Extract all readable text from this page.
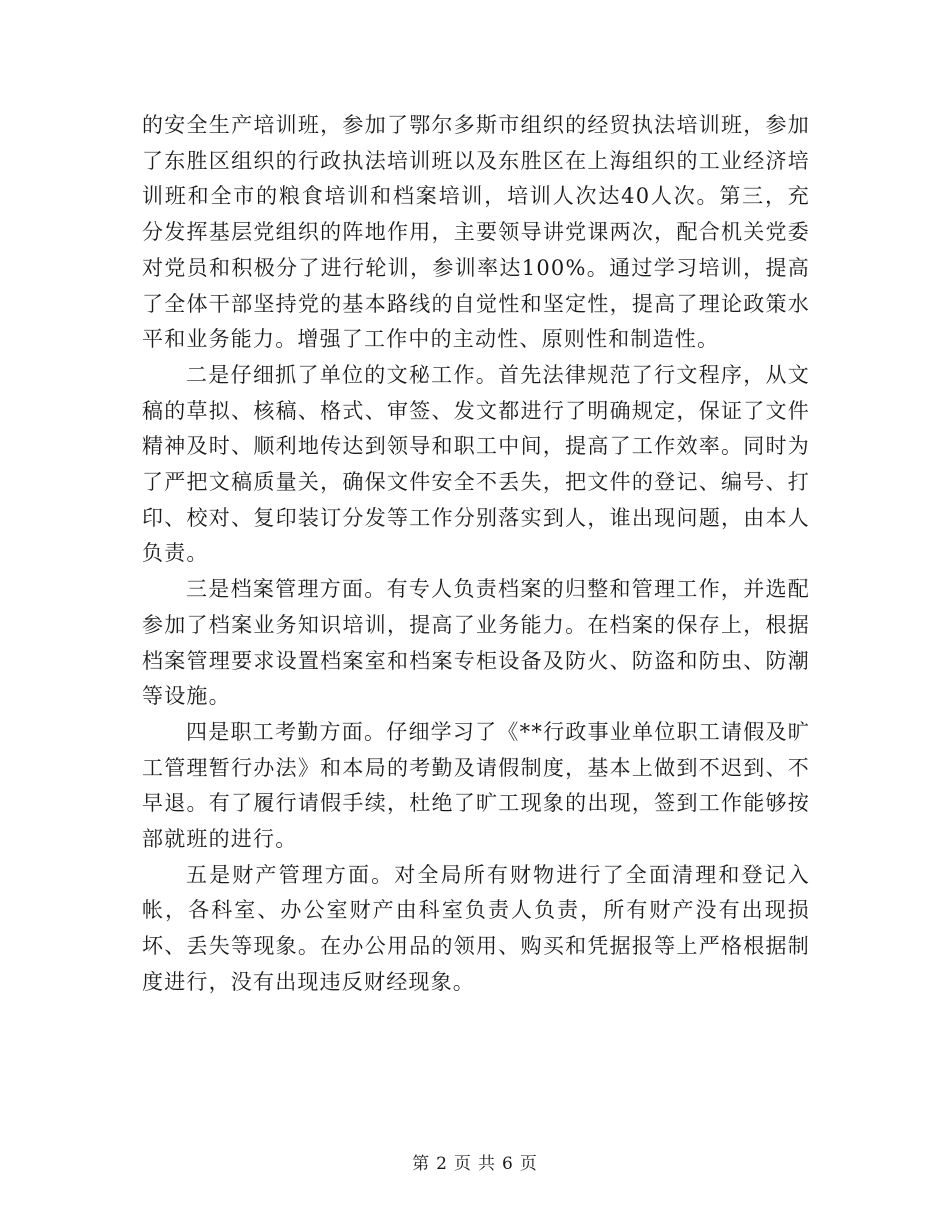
的安全生产培训班，参加了鄂尔多斯市组织的经贸执法培训班，参加了东胜区组织的行政执法培训班以及东胜区在上海组织的工业经济培训班和全市的粮食培训和档案培训，培训人次达40人次。第三，充分发挥基层党组织的阵地作用，主要领导讲党课两次，配合机关党委对党员和积极分了进行轮训，参训率达100%。通过学习培训，提高了全体干部坚持党的基本路线的自觉性和坚定性，提高了理论政策水平和业务能力。增强了工作中的主动性、原则性和制造性。

二是仔细抓了单位的文秘工作。首先法律规范了行文程序，从文稿的草拟、核稿、格式、审签、发文都进行了明确规定，保证了文件精神及时、顺利地传达到领导和职工中间，提高了工作效率。同时为了严把文稿质量关，确保文件安全不丢失，把文件的登记、编号、打印、校对、复印装订分发等工作分别落实到人，谁出现问题，由本人负责。

三是档案管理方面。有专人负责档案的归整和管理工作，并选配参加了档案业务知识培训，提高了业务能力。在档案的保存上，根据档案管理要求设置档案室和档案专柜设备及防火、防盗和防虫、防潮等设施。

四是职工考勤方面。仔细学习了《**行政事业单位职工请假及旷工管理暂行办法》和本局的考勤及请假制度，基本上做到不迟到、不早退。有了履行请假手续，杜绝了旷工现象的出现，签到工作能够按部就班的进行。

五是财产管理方面。对全局所有财物进行了全面清理和登记入帐，各科室、办公室财产由科室负责人负责，所有财产没有出现损坏、丢失等现象。在办公用品的领用、购买和凭据报等上严格根据制度进行，没有出现违反财经现象。

第 2 页 共 6 页
